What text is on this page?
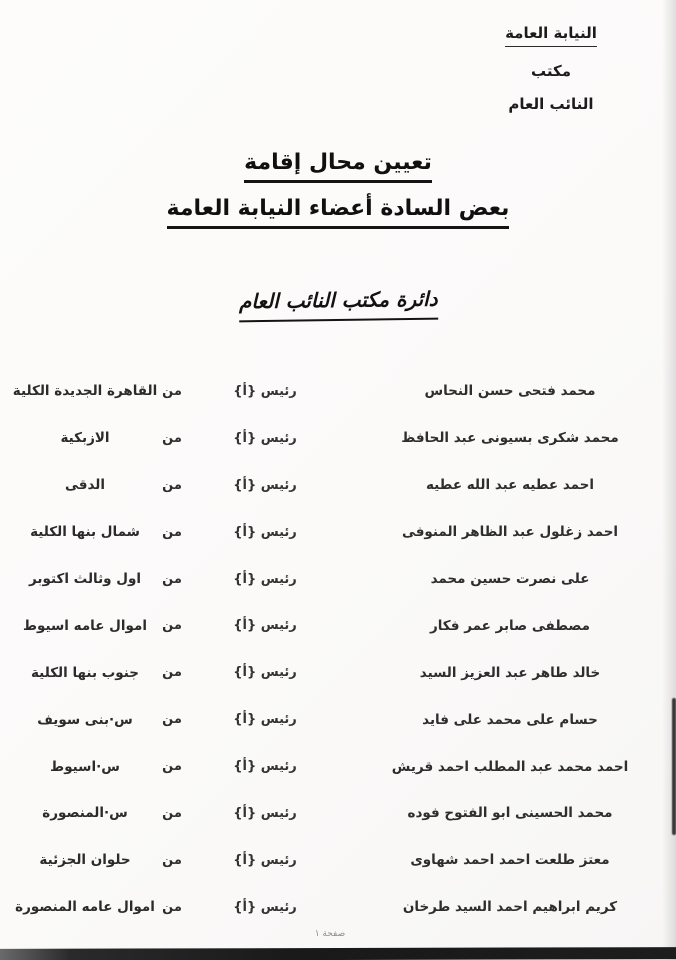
النيابة العامة
مكتب
النائب العام
تعيين محال إقامة
بعض السادة أعضاء النيابة العامة
دائرة مكتب النائب العام
محمد فتحى حسن النحاس
رئيس {أ}
من
القاهرة الجديدة الكلية
محمد شكرى بسيونى عبد الحافظ
رئيس {أ}
من
الازبكية
احمد عطيه عبد الله عطيه
رئيس {أ}
من
الدقى
احمد زغلول عبد الظاهر المنوفى
رئيس {أ}
من
شمال بنها الكلية
على نصرت حسين محمد
رئيس {أ}
من
اول وثالث اكتوبر
مصطفى صابر عمر فكار
رئيس {أ}
من
اموال عامه اسيوط
خالد طاهر عبد العزيز السيد
رئيس {أ}
من
جنوب بنها الكلية
حسام على محمد على فايد
رئيس {أ}
من
س·بنى سويف
احمد محمد عبد المطلب احمد قريش
رئيس {أ}
من
س·اسيوط
محمد الحسينى ابو الفتوح فوده
رئيس {أ}
من
س·المنصورة
معتز طلعت احمد احمد شهاوى
رئيس {أ}
من
حلوان الجزئية
كريم ابراهيم احمد السيد طرخان
رئيس {أ}
من
اموال عامه المنصورة
صفحة ١
